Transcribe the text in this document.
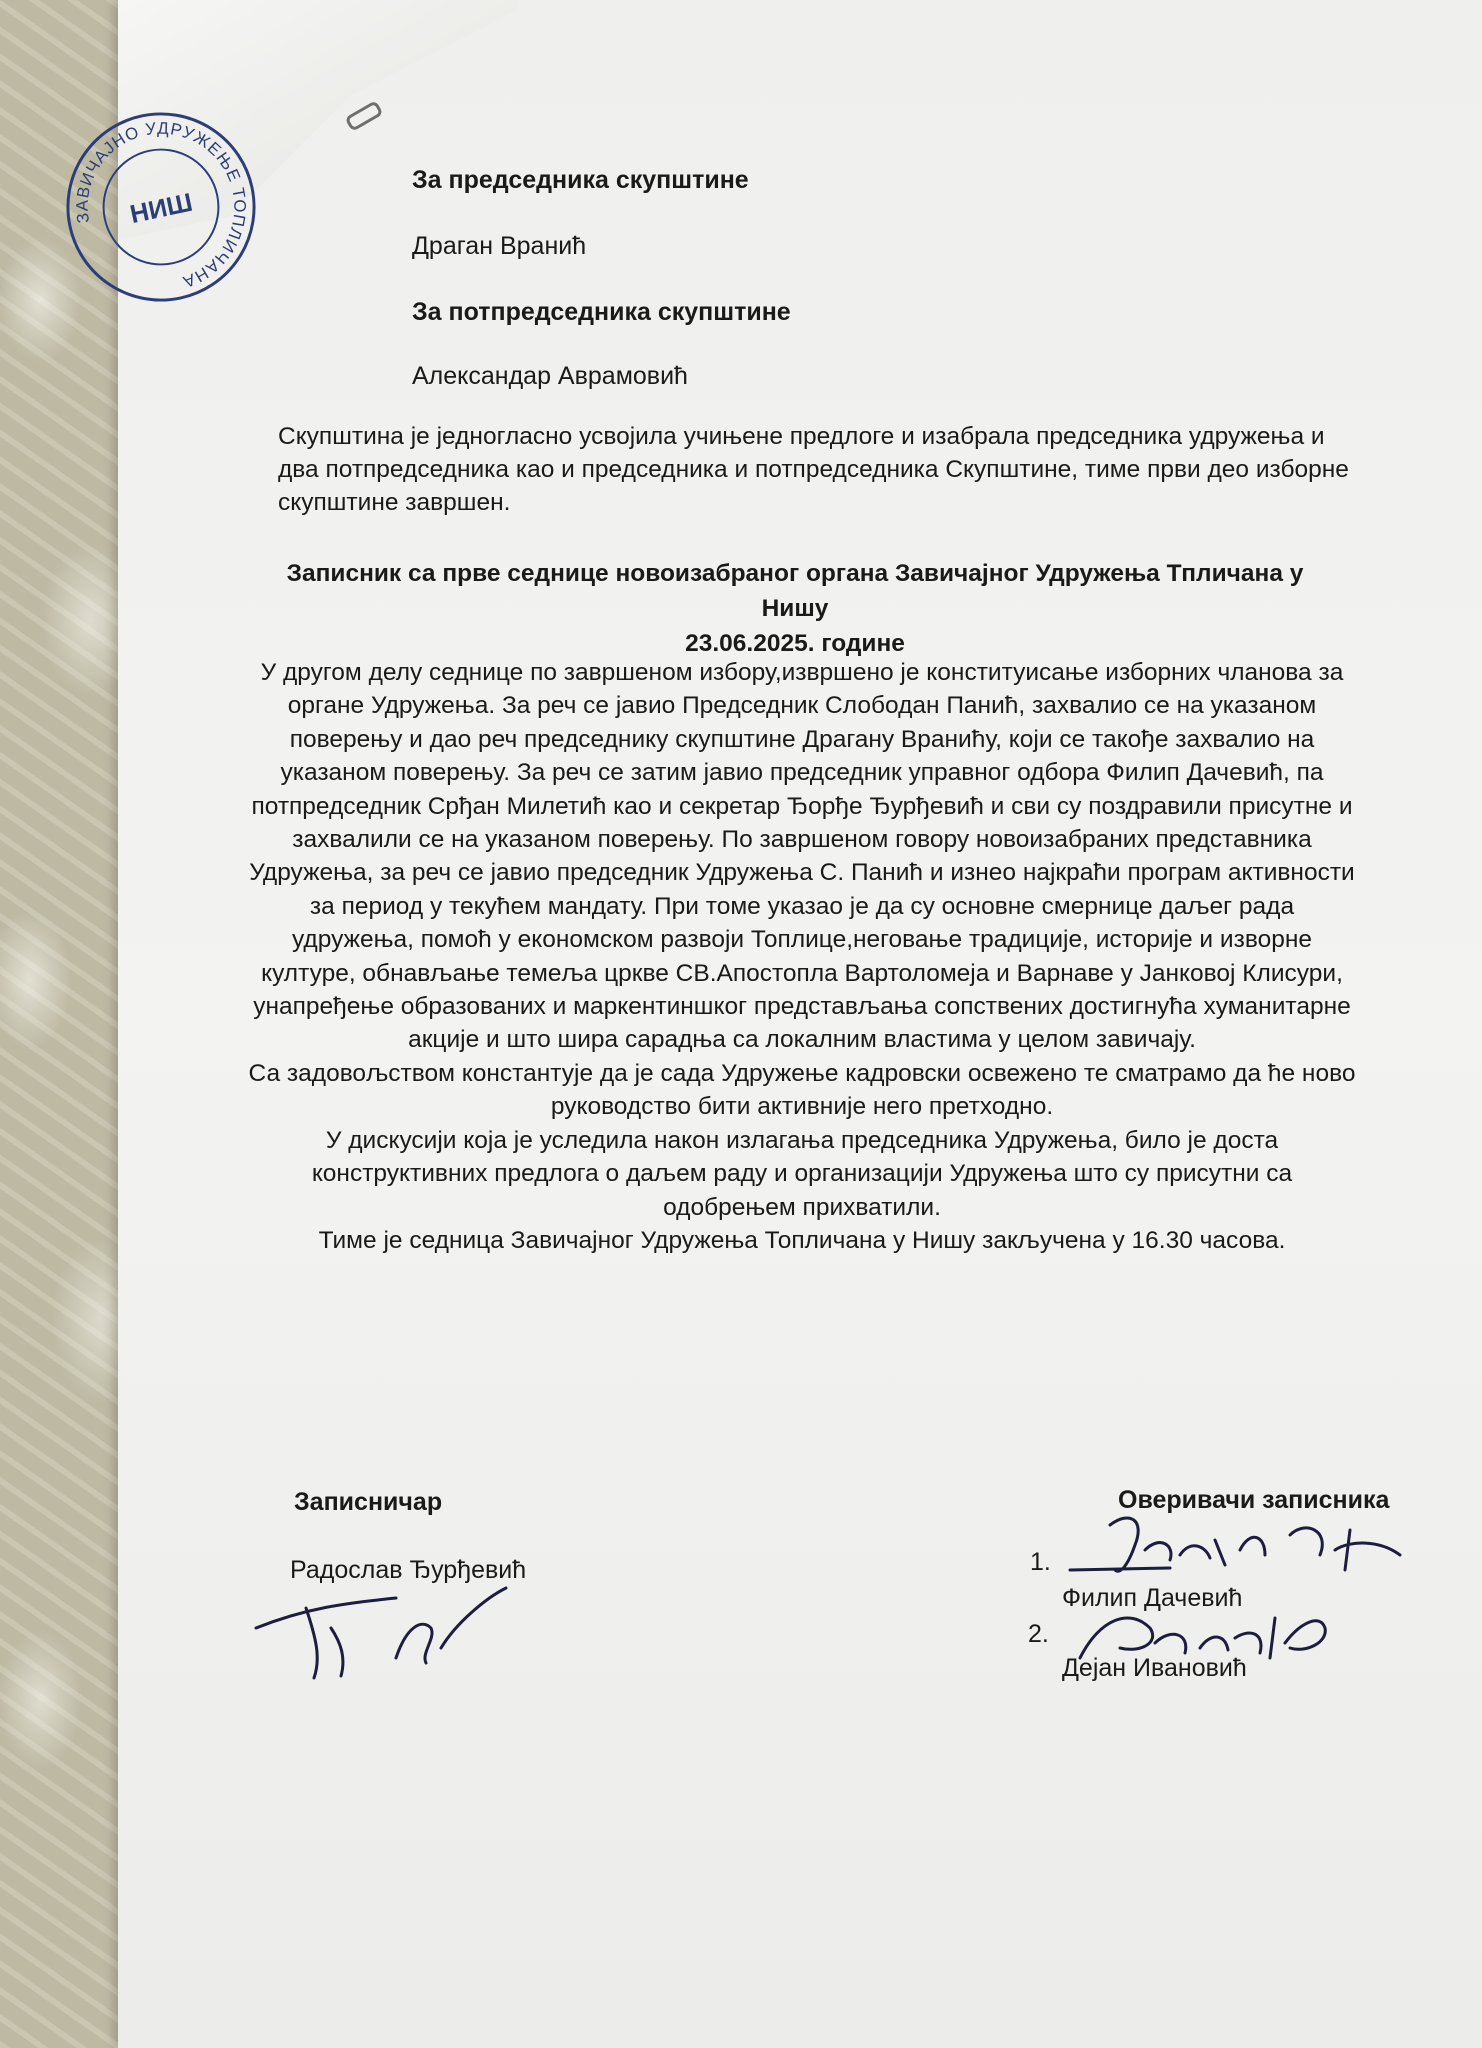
ЗАВИЧАЈНО УДРУЖЕЊЕ ТОПЛИЧАНА
НИШ
За председника скупштине
Драган Вранић
За потпредседника скупштине
Александар Аврамовић

Скупштина је једногласно усвојила учињене предлоге и изабрала председника удружења и два потпредседника као и председника и потпредседника Скупштине, тиме први део изборне скупштине завршен.

Записник са прве седнице новоизабраног органа Завичајног Удружења Тпличана у Нишу
23.06.2025. године

У другом делу седнице по завршеном избору,извршено је конституисање изборних чланова за органе Удружења. За реч се јавио Председник Слободан Панић, захвалио се на указаном поверењу и дао реч председнику скупштине Драгану Вранићу, који се такође захвалио на указаном поверењу. За реч се затим јавио председник управног одбора Филип Дачевић, па потпредседник Срђан Милетић као и секретар Ђорђе Ђурђевић и сви су поздравили присутне и захвалили се на указаном поверењу. По завршеном говору новоизабраних представника Удружења, за реч се јавио председник Удружења С. Панић и изнео најкраћи програм активности за период у текућем мандату. При томе указао је да су основне смернице даљег рада удружења, помоћ у економском развоји Топлице,неговање традиције, историје и изворне културе, обнављање темеља цркве СВ.Апостопла Вартоломеја и Варнаве у Јанковој Клисури, унапређење образованих и маркентиншког представљања сопствених достигнућа хуманитарне акције и што шира сарадња са локалним властима у целом завичају.

Са задовољством константује да је сада Удружење кадровски освежено те сматрамо да ће ново руководство бити активније него претходно.

У дискусији која је уследила након излагања председника Удружења, било је доста конструктивних предлога о даљем раду и организацији Удружења што су присутни са одобрењем прихватили.

Тиме је седница Завичајног Удружења Топличана у Нишу закључена у 16.30 часова.

Записничар
Радослав Ђурђевић
Оверивачи записника
1.
Филип Дачевић
2.
Дејан Ивановић
